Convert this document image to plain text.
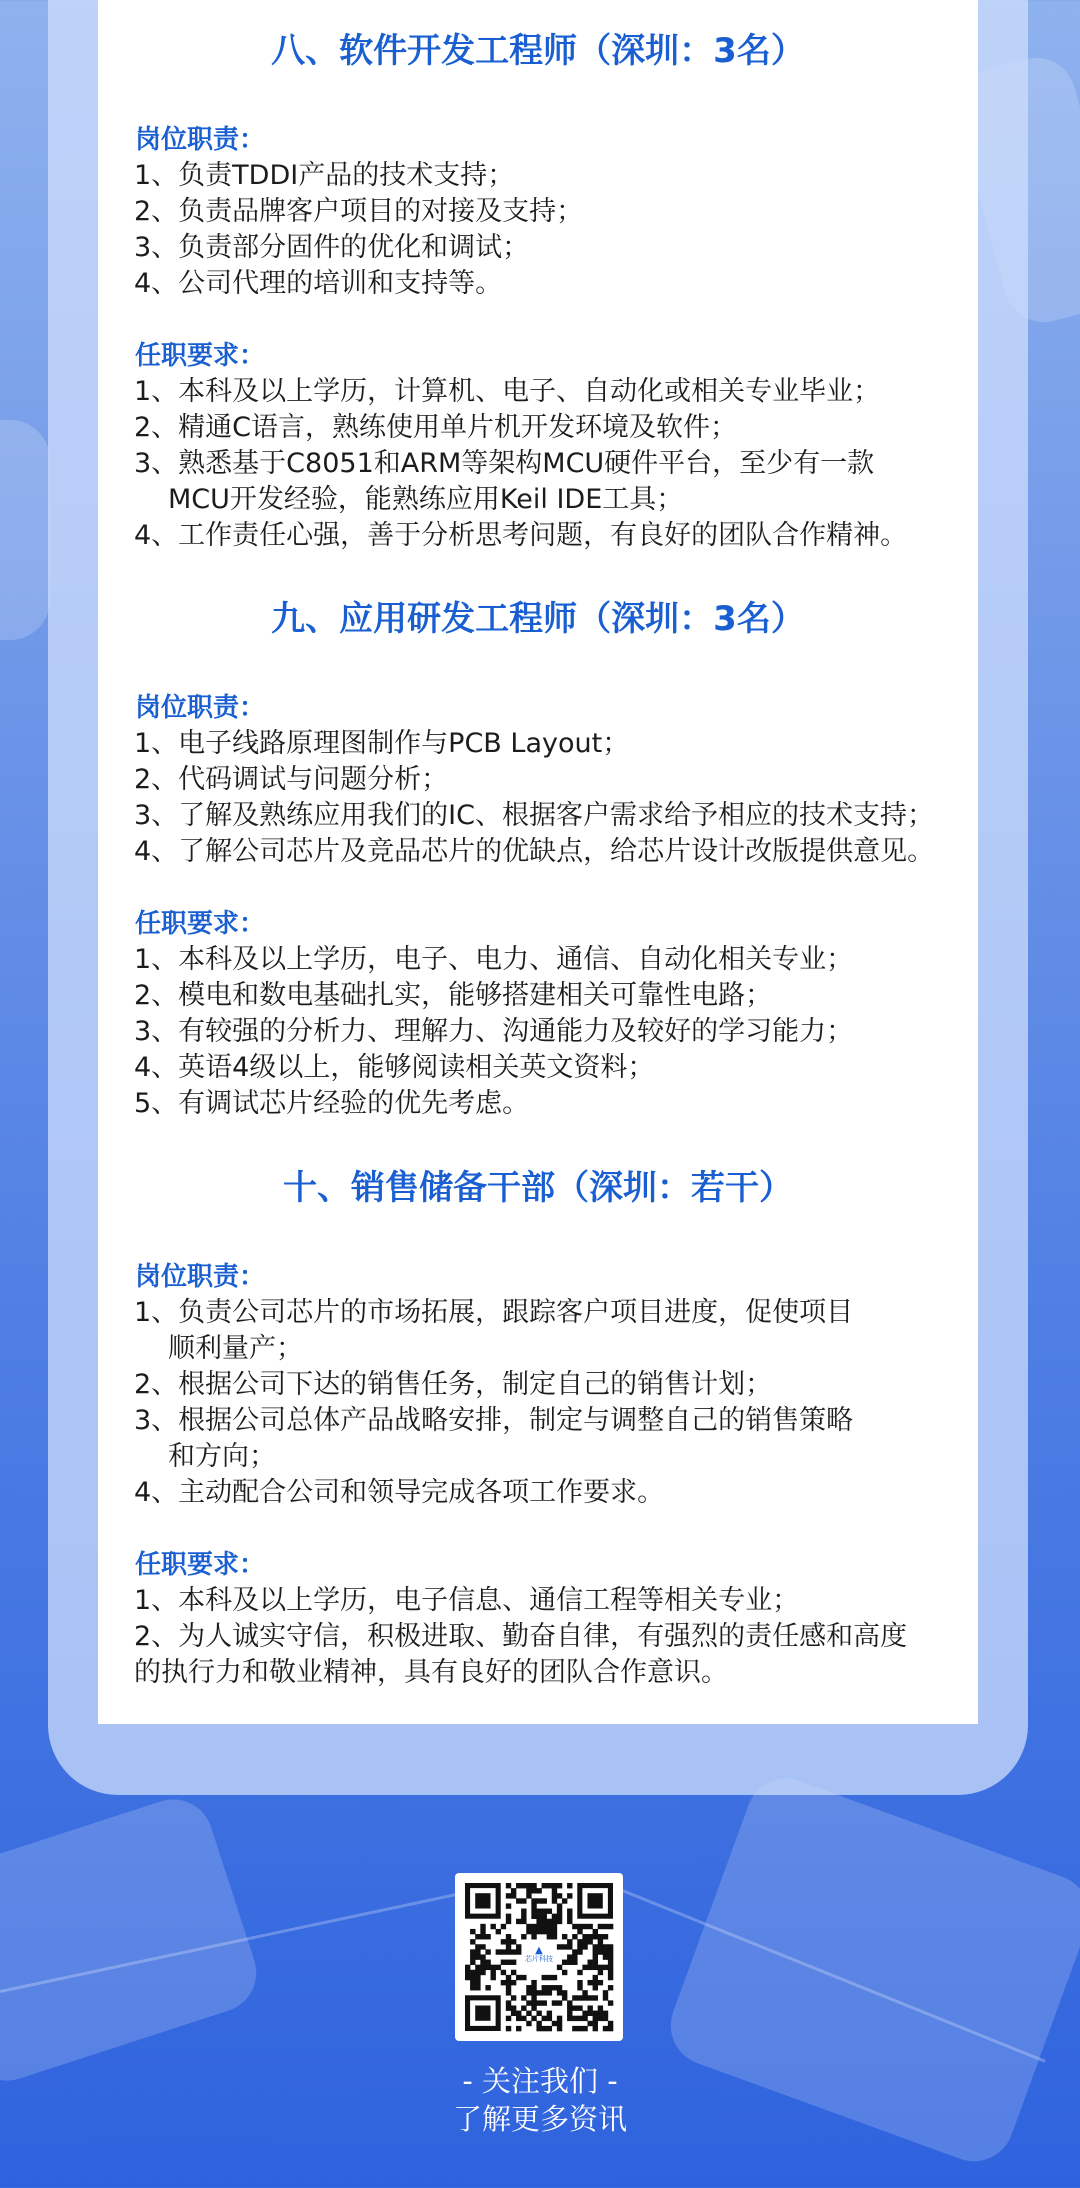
八、软件开发工程师（深圳：3名）
岗位职责：
1、负责TDDI产品的技术支持；
2、负责品牌客户项目的对接及支持；
3、负责部分固件的优化和调试；
4、公司代理的培训和支持等。
任职要求：
1、本科及以上学历，计算机、电子、自动化或相关专业毕业；
2、精通C语言，熟练使用单片机开发环境及软件；
3、熟悉基于C8051和ARM等架构MCU硬件平台，至少有一款
MCU开发经验，能熟练应用Keil IDE工具；
4、工作责任心强，善于分析思考问题，有良好的团队合作精神。
九、应用研发工程师（深圳：3名）
岗位职责：
1、电子线路原理图制作与PCB Layout；
2、代码调试与问题分析；
3、了解及熟练应用我们的IC、根据客户需求给予相应的技术支持；
4、了解公司芯片及竞品芯片的优缺点，给芯片设计改版提供意见。
任职要求：
1、本科及以上学历，电子、电力、通信、自动化相关专业；
2、模电和数电基础扎实，能够搭建相关可靠性电路；
3、有较强的分析力、理解力、沟通能力及较好的学习能力；
4、英语4级以上，能够阅读相关英文资料；
5、有调试芯片经验的优先考虑。
十、销售储备干部（深圳：若干）
岗位职责：
1、负责公司芯片的市场拓展，跟踪客户项目进度，促使项目
顺利量产；
2、根据公司下达的销售任务，制定自己的销售计划；
3、根据公司总体产品战略安排，制定与调整自己的销售策略
和方向；
4、主动配合公司和领导完成各项工作要求。
任职要求：
1、本科及以上学历，电子信息、通信工程等相关专业；
2、为人诚实守信，积极进取、勤奋自律，有强烈的责任感和高度
的执行力和敬业精神，具有良好的团队合作意识。
芯片科技
▲
- 关注我们 -
了解更多资讯
